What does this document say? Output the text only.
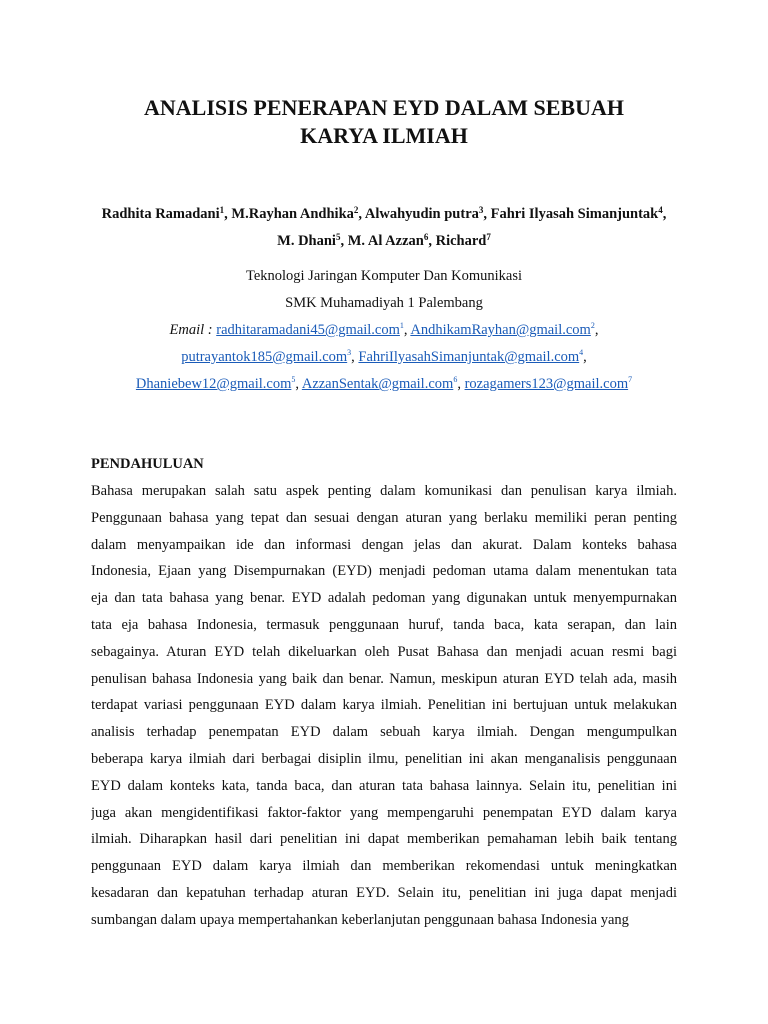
ANALISIS PENERAPAN EYD DALAM SEBUAH
KARYA ILMIAH
Radhita Ramadani$^1$, M.Rayhan Andhika$^2$, Alwahyudin putra$^3$, Fahri Ilyasah Simanjuntak$^4$,
M. Dhani$^5$, M. Al Azzan$^6$, Richard$^7$
Teknologi Jaringan Komputer Dan Komunikasi
SMK Muhamadiyah 1 Palembang
Email : radhitaramadani45@gmail.com$^1$, AndhikamRayhan@gmail.com$^2$,
putrayantok185@gmail.com$^3$, FahriIlyasahSimanjuntak@gmail.com$^4$,
Dhaniebew12@gmail.com$^5$, AzzanSentak@gmail.com$^6$, rozagamers123@gmail.com$^7$
PENDAHULUAN
Bahasa merupakan salah satu aspek penting dalam komunikasi dan penulisan karya ilmiah.
Penggunaan bahasa yang tepat dan sesuai dengan aturan yang berlaku memiliki peran penting
dalam menyampaikan ide dan informasi dengan jelas dan akurat. Dalam konteks bahasa
Indonesia, Ejaan yang Disempurnakan (EYD) menjadi pedoman utama dalam menentukan tata
eja dan tata bahasa yang benar. EYD adalah pedoman yang digunakan untuk menyempurnakan
tata eja bahasa Indonesia, termasuk penggunaan huruf, tanda baca, kata serapan, dan lain
sebagainya. Aturan EYD telah dikeluarkan oleh Pusat Bahasa dan menjadi acuan resmi bagi
penulisan bahasa Indonesia yang baik dan benar. Namun, meskipun aturan EYD telah ada, masih
terdapat variasi penggunaan EYD dalam karya ilmiah. Penelitian ini bertujuan untuk melakukan
analisis terhadap penempatan EYD dalam sebuah karya ilmiah. Dengan mengumpulkan
beberapa karya ilmiah dari berbagai disiplin ilmu, penelitian ini akan menganalisis penggunaan
EYD dalam konteks kata, tanda baca, dan aturan tata bahasa lainnya. Selain itu, penelitian ini
juga akan mengidentifikasi faktor-faktor yang mempengaruhi penempatan EYD dalam karya
ilmiah. Diharapkan hasil dari penelitian ini dapat memberikan pemahaman lebih baik tentang
penggunaan EYD dalam karya ilmiah dan memberikan rekomendasi untuk meningkatkan
kesadaran dan kepatuhan terhadap aturan EYD. Selain itu, penelitian ini juga dapat menjadi
sumbangan dalam upaya mempertahankan keberlanjutan penggunaan bahasa Indonesia yang
